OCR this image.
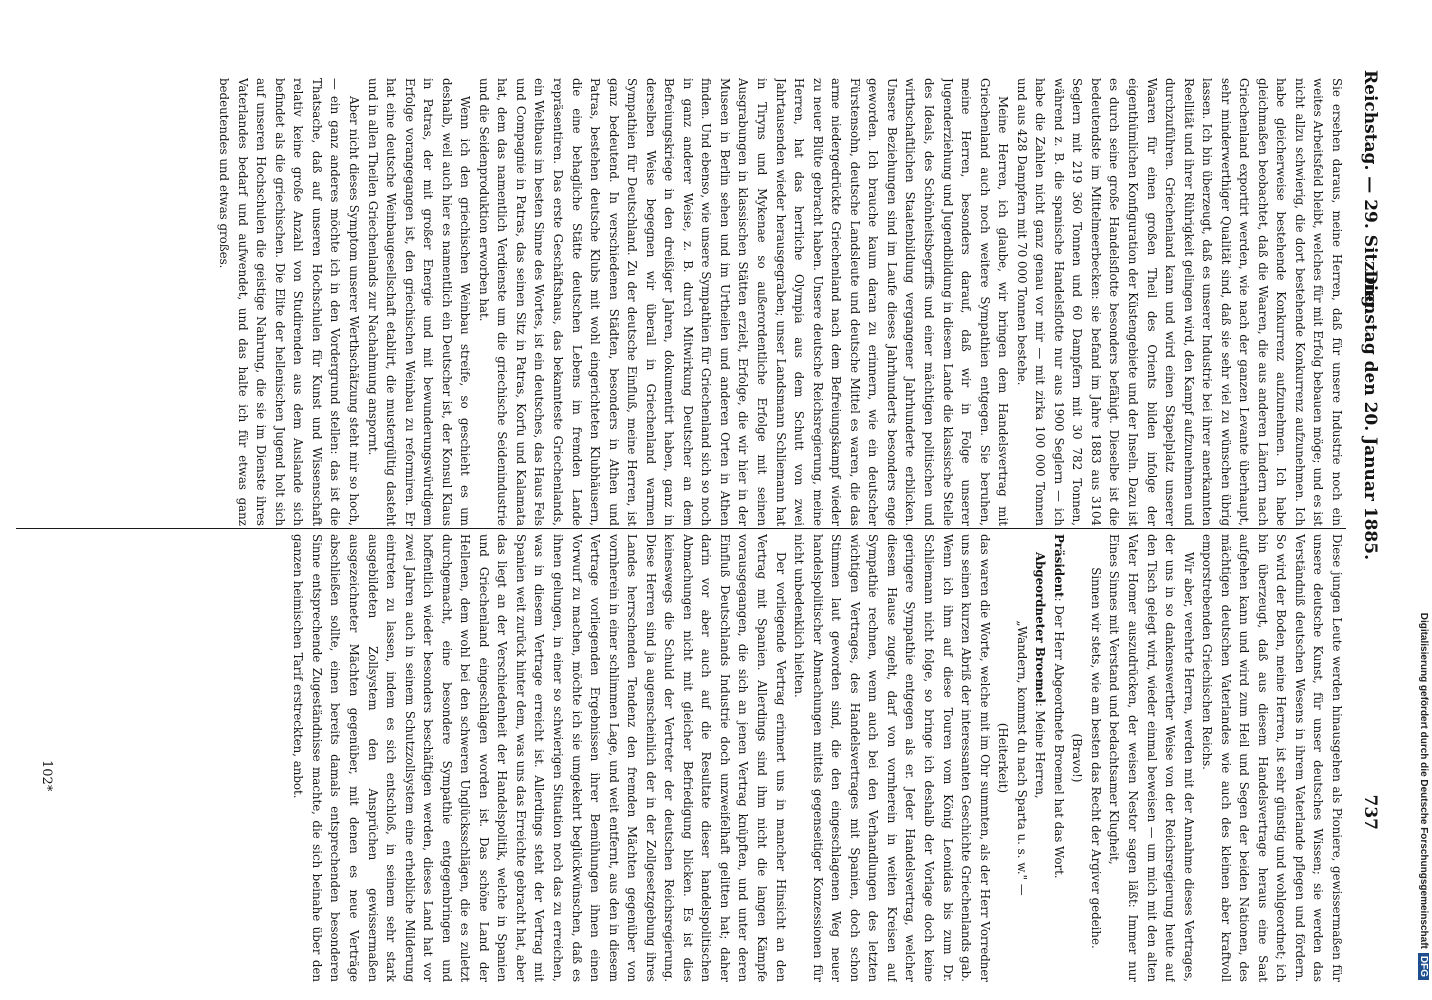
Reichstag. — 29. Sitzung.
Dienstag den 20. Januar 1885.
737

Sie ersehen daraus, meine Herren, daß für unsere Industrie noch ein weites Arbeitsfeld bleibt, welches für mit Erfolg bebauen möge; und es ist nicht allzu schwierig, die dort bestehende Konkurrenz aufzunehmen. Ich habe gleicherweise bestehende Konkurrenz aufzunehmen. Ich habe gleichmaßen beobachtet, daß die Waaren, die aus anderen Ländern nach Griechenland exportirt werden, wie nach der ganzen Levante überhaupt, sehr minderwerthiger Qualität sind, daß sie sehr viel zu wünschen übrig lassen. Ich bin überzeugt, daß es unserer Industrie bei ihrer anerkannten Reellität und ihrer Rührigkeit gelingen wird, den Kampf aufzunehmen und durchzuführen. Griechenland kann und wird einen Stapelplatz unserer Waaren für einen großen Theil des Orients bilden infolge der eigenthümlichen Konfiguration der Küstengebiete und der Inseln. Dazu ist es durch seine große Handelsflotte besonders befähigt. Dieselbe ist die bedeutendste im Mittelmeerbecken: sie befand im Jahre 1883 aus 3104 Seglern mit 219 360 Tonnen und 60 Dampfern mit 30 782 Tonnen, während z. B. die spanische Handelsflotte nur aus 1900 Seglern — ich habe die Zahlen nicht ganz genau vor mir — mit zirka 100 000 Tonnen und aus 428 Dampfern mit 70 000 Tonnen bestehe.

Meine Herren, ich glaube, wir bringen dem Handelsvertrag mit Griechenland auch noch weitere Sympathien entgegen. Sie beruhen, meine Herren, besonders darauf, daß wir in Folge unserer Jugenderziehung und Jugendbildung in diesem Lande die klassische Stelle des Ideals, des Schönheitsbegriffs und einer mächtigen politischen und wirthschaftlichen Staatenbildung vergangener Jahrhunderte erblicken. Unsere Beziehungen sind im Laufe dieses Jahrhunderts besonders enge geworden. Ich brauche kaum daran zu erinnern, wie ein deutscher Fürstensohn, deutsche Landsleute und deutsche Mittel es waren, die das arme niedergedrückte Griechenland nach dem Befreiungskampf wieder zu neuer Blüte gebracht haben. Unsere deutsche Reichsregierung, meine Herren, hat das herrliche Olympia aus dem Schutt von zwei Jahrtausenden wieder herausgegraben; unser Landsmann Schliemann hat in Tiryns und Mykenae so außerordentliche Erfolge mit seinen Ausgrabungen in klassischen Stätten erzielt, Erfolge, die wir hier in der Museen in Berlin sehen und im Urtheilen und anderen Orten in Athen finden. Und ebenso, wie unsere Sympathien für Griechenland sich so noch in ganz anderer Weise, z. B. durch Mitwirkung Deutscher an dem Befreiungskriege in den dreißiger Jahren, dokumentirt haben, ganz in derselben Weise begegnen wir überall in Griechenland warmen Sympathien für Deutschland. Zu der deutsche Einfluß, meine Herren, ist ganz bedeutend. In verschiedenen Städten, besonders in Athen und Patras, bestehen deutsche Klubs mit wohl eingerichteten Klubhäusern, die eine behagliche Stätte deutschen Lebens im fremden Lande repräsentiren. Das erste Geschäftshaus, das bekannteste Griechenlands, ein Weltbaus im besten Sinne des Wortes, ist ein deutsches, das Haus Fels und Compagnie in Patras, das seinen Sitz in Patras, Korfu und Kalamata hat, dem das namentlich Verdienste um die griechische Seidenindustrie und die Seidenproduktion erworben hat.

Wenn ich den griechischen Weinbau streife, so geschieht es um deshalb, weil auch hier es namentlich ein Deutscher ist, der Konsul Klaus in Patras, der mit großer Energie und mit bewunderungswürdigem Erfolge vorangegangen ist, den griechischen Weinbau zu reformiren. Er hat eine deutsche Weinbaugesellschaft etablirt, die mustergültig dasteht und in allen Theilen Griechenlands zur Nachahmung anspornt.

Aber nicht dieses Symptom unserer Werthschätzung steht mir so hoch, — ein ganz anderes möchte ich in den Vordergrund stellen: das ist die Thatsache, daß auf unseren Hochschulen für Kunst und Wissenschaft relativ keine große Anzahl von Studirenden aus dem Auslande sich befindet als die griechischen. Die Elite der hellenischen Jugend holt sich auf unseren Hochschulen die geistige Nahrung, die sie im Dienste ihres Vaterlandes bedarf und aufwendet, und das halte ich für etwas ganz bedeutendes und etwas großes.

Diese jungen Leute werden hinausgehen als Pioniere, gewissermaßen für unsere deutsche Kunst, für unser deutsches Wissen; sie werden das Verständniß deutschen Wesens in ihrem Vaterlande pflegen und fördern. So wird der Boden, meine Herren, ist sehr günstig und wohlgeordnet; ich bin überzeugt, daß aus diesem Handelsvertrage heraus eine Saat aufgehen kann und wird zum Heil und Segen der beiden Nationen, des mächtigen deutschen Vaterlandes wie auch des kleinen aber kraftvoll emporstrebenden Griechischen Reichs.

Wir aber, verehrte Herren, werden mit der Annahme dieses Vertrages, der uns in so dankenswerther Weise von der Reichsregierung heute auf den Tisch gelegt wird, wieder einmal beweisen — um mich mit den alten Vater Homer auszudrücken, der weisen Nestor sagen läßt: Immer nur Eines Sinnes mit Verstand und bedachtsamer Klugheit,

Sinnen wir stets, wie am besten das Recht der Argiver gedeihe.

(Bravo!)

Präsident: Der Herr Abgeordnete Broemel hat das Wort.

Abgeordneter Broemel: Meine Herren,

„Wandern, kommst du nach Sparta u. s. w." —

(Heiterkeit)

das waren die Worte, welche mit im Ohr summten, als der Herr Vorredner uns seinen kurzen Abriß der interessanten Geschichte Griechenlands gab. Wenn ich ihm auf diese Touren vom König Leonidas bis zum Dr. Schliemann nicht folge, so bringe ich deshalb der Vorlage doch keine geringere Sympathie entgegen als er. Jeder Handelsvertrag, welcher diesem Hause zugeht, darf von vornherein in weiten Kreisen auf Sympathie rechnen, wenn auch bei den Verhandlungen des letzten wichtigen Vertrages, des Handelsvertrages mit Spanien, doch schon Stimmen laut geworden sind, die den eingeschlagenen Weg neuer handelspolitischer Abmachungen mittels gegenseitiger Konzessionen für nicht unbedenklich hielten.

Der vorliegende Vertrag erinnert uns in mancher Hinsicht an den Vertrag mit Spanien. Allerdings sind ihm nicht die langen Kämpfe vorausgegangen, die sich an jenen Vertrag knüpften, und unter deren Einfluß Deutschlands Industrie doch unzweifelhaft gelitten hat; daher darin vor aber auch auf die Resultate dieser handelspolitischen Abmachungen nicht mit gleicher Befriedigung blicken. Es ist dies keineswegs die Schuld der Vertreter der deutschen Reichsregierung. Diese Herren sind ja augenscheinlich der in der Zollgesetzgebung ihres Landes herrschenden Tendenz den fremden Mächten gegenüber von vornherein in einer schlimmen Lage, und weit entfernt, aus den in diesem Vertrage vorliegenden Ergebnissen ihrer Bemühungen ihnen einen Vorwurf zu machen, möchte ich sie umgekehrt beglückwünschen, daß es ihnen gelungen, in einer so schwierigen Situation noch das zu erreichen, was in diesem Vertrage erreicht ist. Allerdings steht der Vertrag mit Spanien weit zurück hinter dem, was uns das Erreichte gebracht hat, aber das liegt an der Verschiedenheit der Handelspolitik, welche in Spanien und Griechenland eingeschlagen worden ist. Das schöne Land der Hellenen, dem wohl bei den schweren Unglücksschlägen, die es zuletzt durchgemacht, eine besondere Sympathie entgegenbringen und hoffentlich wieder besonders beschäftigen werden, dieses Land hat vor zwei Jahren auch in seinem Schutzzollsystem eine erhebliche Milderung eintreten zu lassen, indem es sich entschloß, in seinem sehr stark ausgebildeten Zollsystem den Ansprüchen gewissermaßen ausgezeichneter Mächten gegenüber, mit denen es neue Verträge abschließen sollte, einen bereits damals entsprechenden besonderen Sinne entsprechende Zugeständnisse machte, die sich beinahe über den ganzen heimischen Tarif erstreckten, anbot.

102*	Digitalisierung gefördert durch die Deutsche ForschungsgemeinschaftDFG
